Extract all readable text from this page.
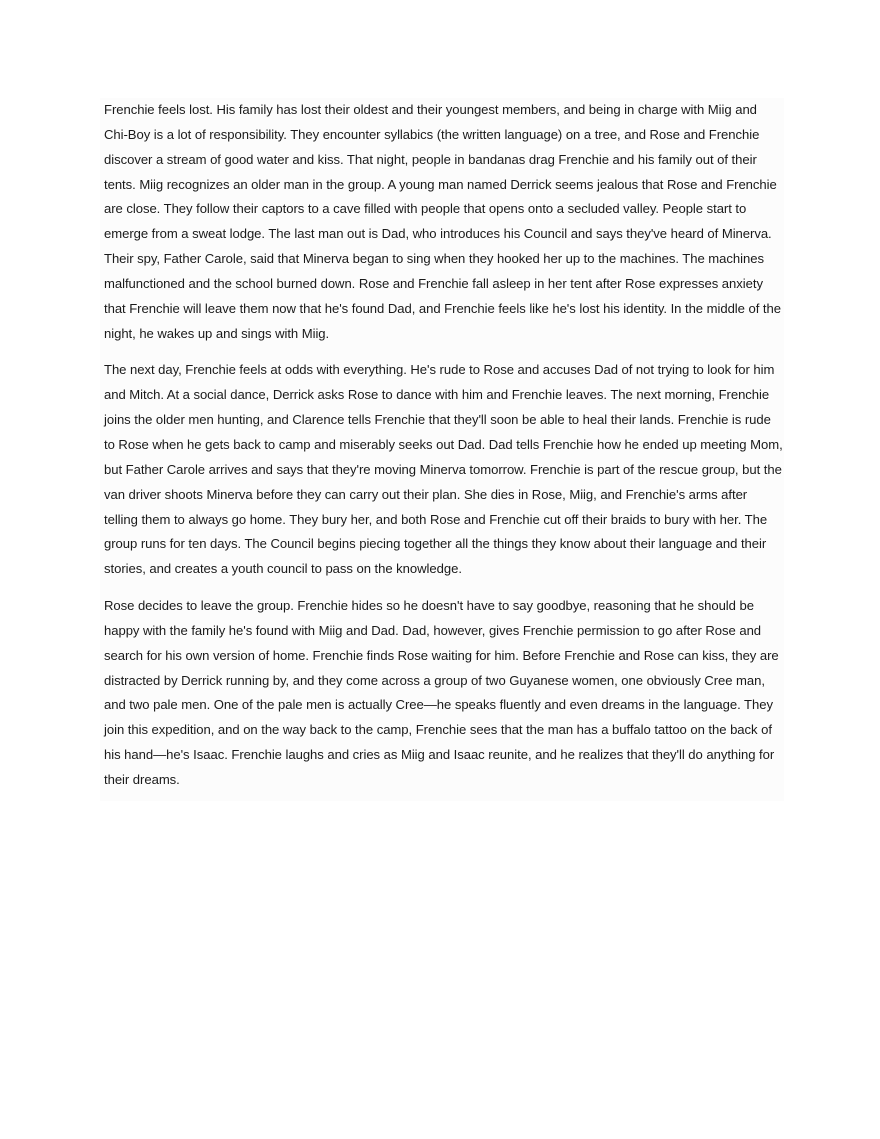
Frenchie feels lost. His family has lost their oldest and their youngest members, and being in charge with Miig and Chi-Boy is a lot of responsibility. They encounter syllabics (the written language) on a tree, and Rose and Frenchie discover a stream of good water and kiss. That night, people in bandanas drag Frenchie and his family out of their tents. Miig recognizes an older man in the group. A young man named Derrick seems jealous that Rose and Frenchie are close. They follow their captors to a cave filled with people that opens onto a secluded valley. People start to emerge from a sweat lodge. The last man out is Dad, who introduces his Council and says they've heard of Minerva. Their spy, Father Carole, said that Minerva began to sing when they hooked her up to the machines. The machines malfunctioned and the school burned down. Rose and Frenchie fall asleep in her tent after Rose expresses anxiety that Frenchie will leave them now that he's found Dad, and Frenchie feels like he's lost his identity. In the middle of the night, he wakes up and sings with Miig.

The next day, Frenchie feels at odds with everything. He's rude to Rose and accuses Dad of not trying to look for him and Mitch. At a social dance, Derrick asks Rose to dance with him and Frenchie leaves. The next morning, Frenchie joins the older men hunting, and Clarence tells Frenchie that they'll soon be able to heal their lands. Frenchie is rude to Rose when he gets back to camp and miserably seeks out Dad. Dad tells Frenchie how he ended up meeting Mom, but Father Carole arrives and says that they're moving Minerva tomorrow. Frenchie is part of the rescue group, but the van driver shoots Minerva before they can carry out their plan. She dies in Rose, Miig, and Frenchie's arms after telling them to always go home. They bury her, and both Rose and Frenchie cut off their braids to bury with her. The group runs for ten days. The Council begins piecing together all the things they know about their language and their stories, and creates a youth council to pass on the knowledge.

Rose decides to leave the group. Frenchie hides so he doesn't have to say goodbye, reasoning that he should be happy with the family he's found with Miig and Dad. Dad, however, gives Frenchie permission to go after Rose and search for his own version of home. Frenchie finds Rose waiting for him. Before Frenchie and Rose can kiss, they are distracted by Derrick running by, and they come across a group of two Guyanese women, one obviously Cree man, and two pale men. One of the pale men is actually Cree—he speaks fluently and even dreams in the language. They join this expedition, and on the way back to the camp, Frenchie sees that the man has a buffalo tattoo on the back of his hand—he's Isaac. Frenchie laughs and cries as Miig and Isaac reunite, and he realizes that they'll do anything for their dreams.
